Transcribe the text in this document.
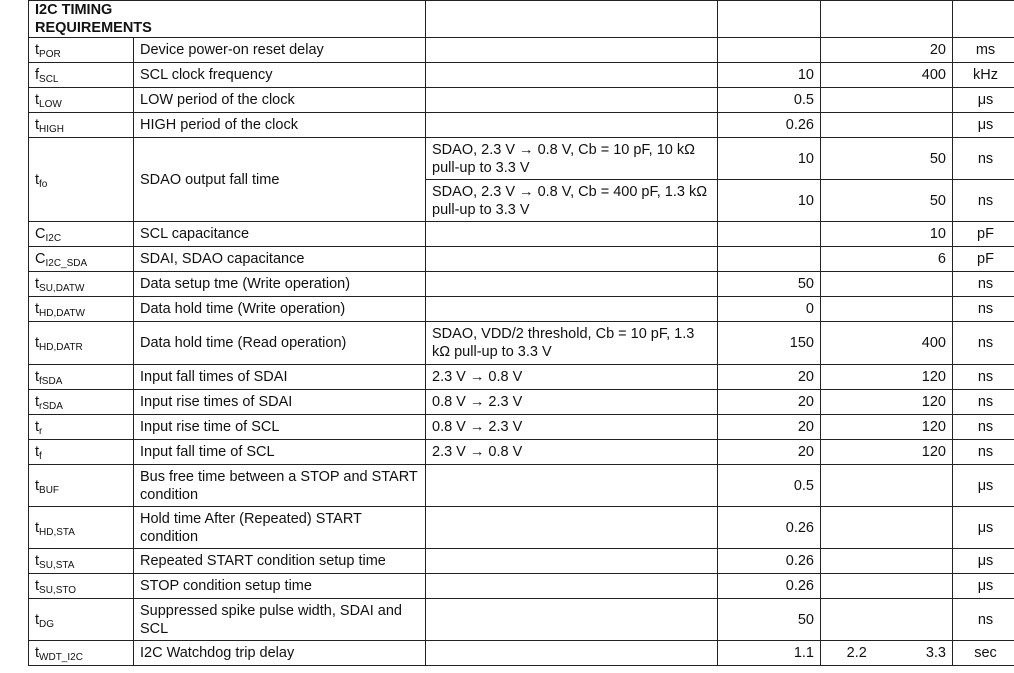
I2C TIMING REQUIREMENTS						
$t_{POR}$	Device power-on reset delay				20	ms
$f_{SCL}$	SCL clock frequency		10		400	kHz
$t_{LOW}$	LOW period of the clock		0.5			μs
$t_{HIGH}$	HIGH period of the clock		0.26			μs
$t_{fo}$	SDAO output fall time	SDAO, 2.3 V → 0.8 V, Cb = 10 pF, 10 kΩ pull-up to 3.3 V	10		50	ns
		SDAO, 2.3 V → 0.8 V, Cb = 400 pF, 1.3 kΩ pull-up to 3.3 V	10		50	ns
$C_{I2C}$	SCL capacitance				10	pF
$C_{I2C\_SDA}$	SDAI, SDAO capacitance				6	pF
$t_{SU,DATW}$	Data setup tme (Write operation)		50			ns
$t_{HD,DATW}$	Data hold time (Write operation)		0			ns
$t_{HD,DATR}$	Data hold time (Read operation)	SDAO, VDD/2 threshold, Cb = 10 pF, 1.3 kΩ pull-up to 3.3 V	150		400	ns
$t_{fSDA}$	Input fall times of SDAI	2.3 V → 0.8 V	20		120	ns
$t_{rSDA}$	Input rise times of SDAI	0.8 V → 2.3 V	20		120	ns
$t_r$	Input rise time of SCL	0.8 V → 2.3 V	20		120	ns
$t_f$	Input fall time of SCL	2.3 V → 0.8 V	20		120	ns
$t_{BUF}$	Bus free time between a STOP and START condition		0.5			μs
$t_{HD,STA}$	Hold time After (Repeated) START condition		0.26			μs
$t_{SU,STA}$	Repeated START condition setup time		0.26			μs
$t_{SU,STO}$	STOP condition setup time		0.26			μs
$t_{DG}$	Suppressed spike pulse width, SDAI and SCL		50			ns
$t_{WDT\_I2C}$	I2C Watchdog trip delay		1.1	2.2	3.3	sec
